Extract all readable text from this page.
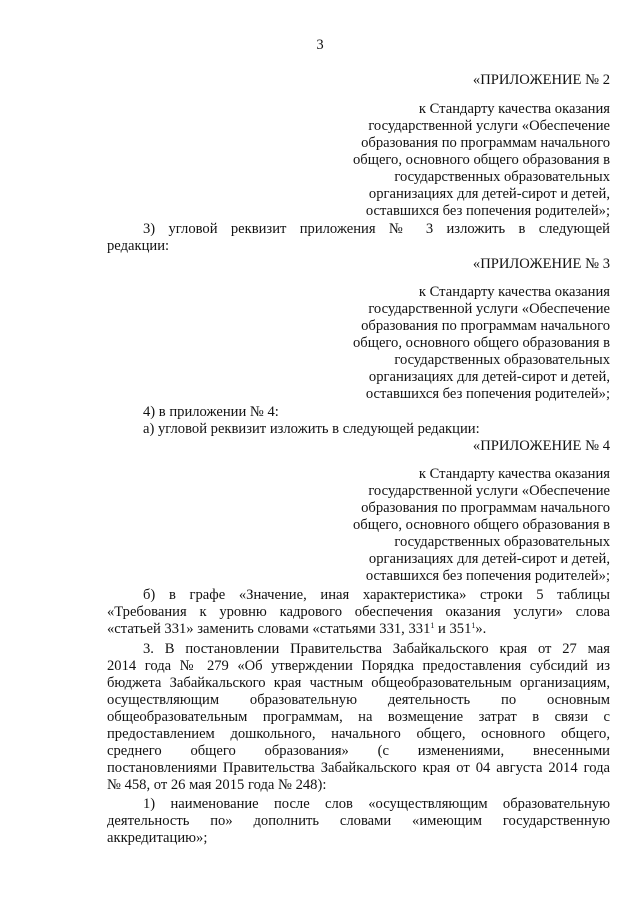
3
«ПРИЛОЖЕНИЕ № 2
к Стандарту качества оказания
государственной услуги «Обеспечение
образования по программам начального
общего, основного общего образования в
государственных образовательных
организациях для детей-сирот и детей,
оставшихся без попечения родителей»;
3) угловой реквизит приложения № 3 изложить в следующей
редакции:
«ПРИЛОЖЕНИЕ № 3
к Стандарту качества оказания
государственной услуги «Обеспечение
образования по программам начального
общего, основного общего образования в
государственных образовательных
организациях для детей-сирот и детей,
оставшихся без попечения родителей»;
4) в приложении № 4:
а) угловой реквизит изложить в следующей редакции:
«ПРИЛОЖЕНИЕ № 4
к Стандарту качества оказания
государственной услуги «Обеспечение
образования по программам начального
общего, основного общего образования в
государственных образовательных
организациях для детей-сирот и детей,
оставшихся без попечения родителей»;
б) в графе «Значение, иная характеристика» строки 5 таблицы
«Требования к уровню кадрового обеспечения оказания услуги» слова
«статьей 331» заменить словами «статьями 331, $331^1$ и $351^1$».
3. В постановлении Правительства Забайкальского края от 27 мая
2014 года № 279 «Об утверждении Порядка предоставления субсидий из
бюджета Забайкальского края частным общеобразовательным организациям,
осуществляющим образовательную деятельность по основным
общеобразовательным программам, на возмещение затрат в связи с
предоставлением дошкольного, начального общего, основного общего,
среднего общего образования» (с изменениями, внесенными
постановлениями Правительства Забайкальского края от 04 августа 2014 года
№ 458, от 26 мая 2015 года № 248):
1) наименование после слов «осуществляющим образовательную
деятельность по» дополнить словами «имеющим государственную
аккредитацию»;
